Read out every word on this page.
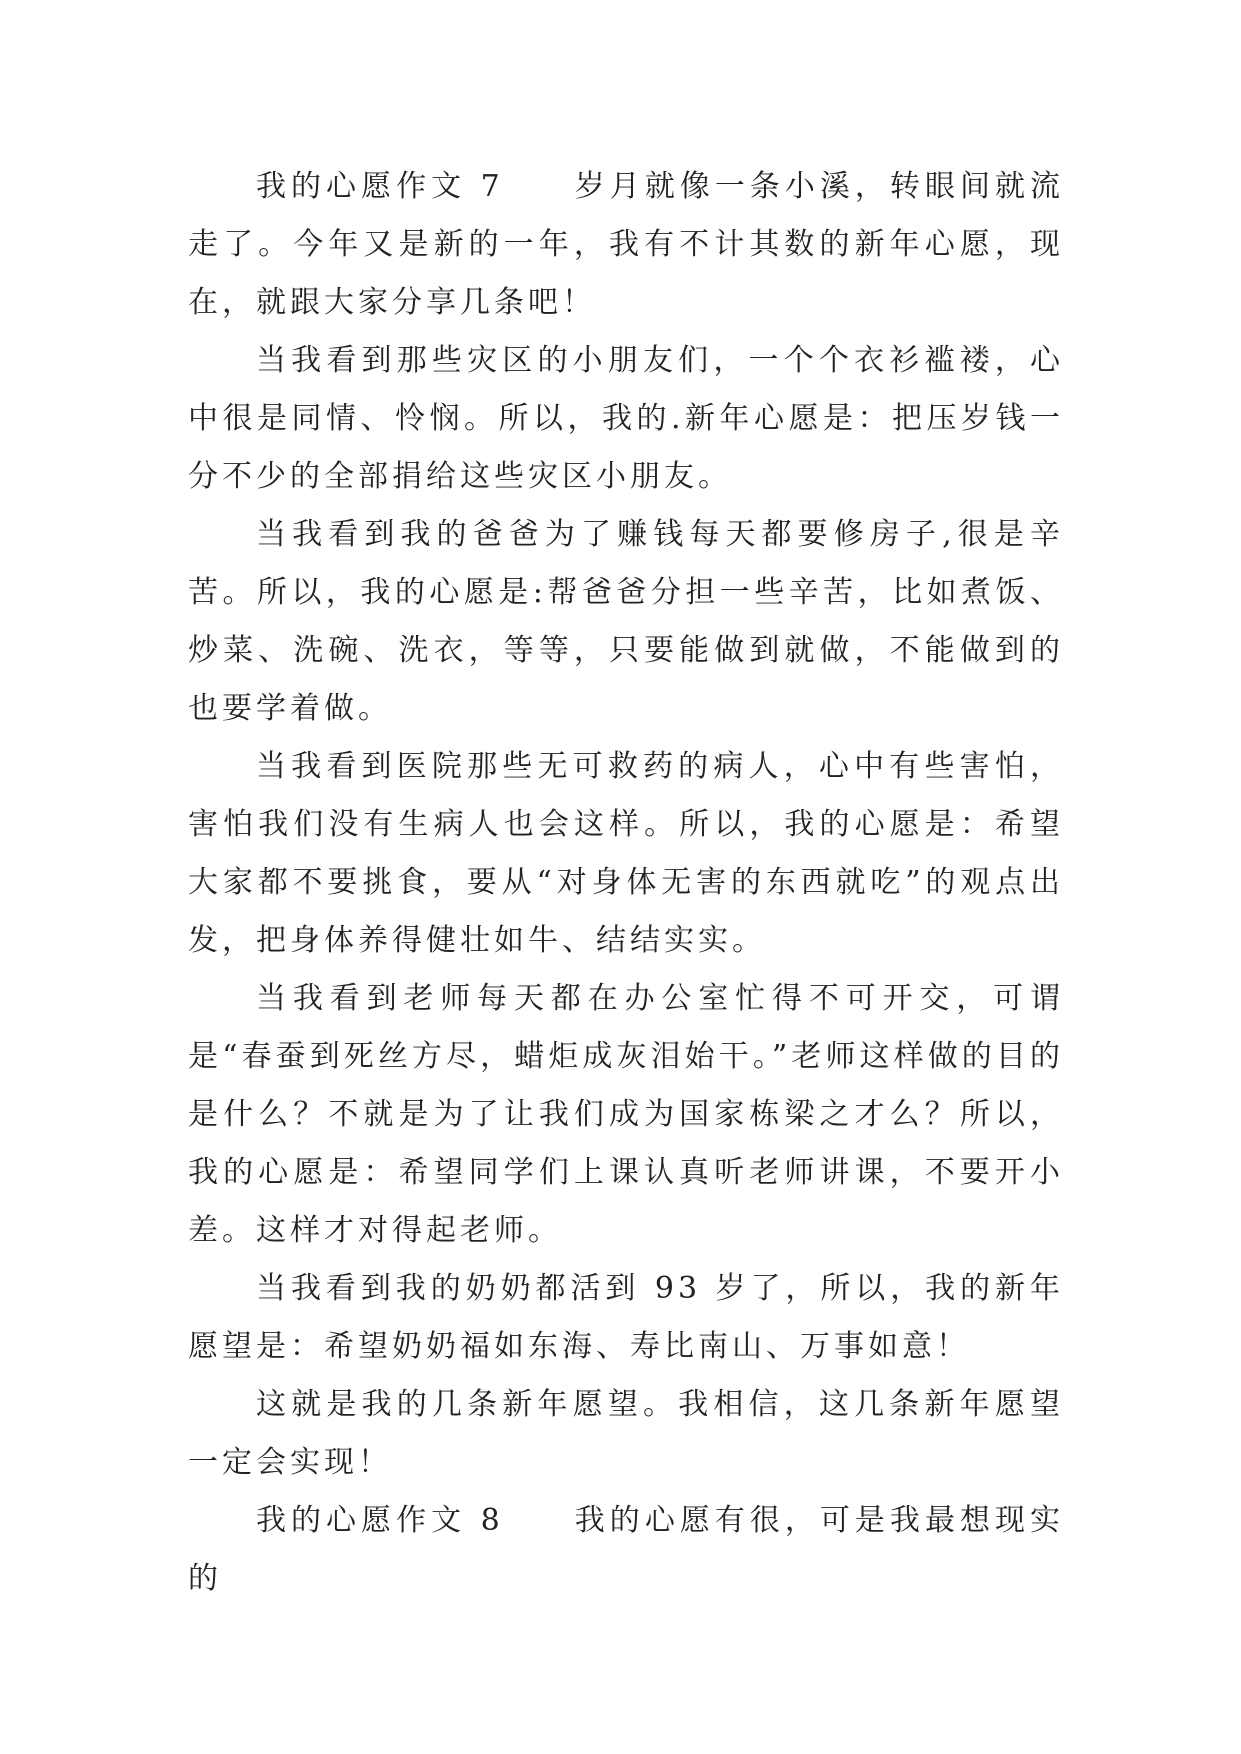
我的心愿作文 7　　岁月就像一条小溪，转眼间就流走了。今年又是新的一年，我有不计其数的新年心愿，现在，就跟大家分享几条吧！

当我看到那些灾区的小朋友们，一个个衣衫褴褛，心中很是同情、怜悯。所以，我的.新年心愿是：把压岁钱一分不少的全部捐给这些灾区小朋友。

当我看到我的爸爸为了赚钱每天都要修房子,很是辛苦。所以，我的心愿是:帮爸爸分担一些辛苦，比如煮饭、炒菜、洗碗、洗衣，等等，只要能做到就做，不能做到的也要学着做。

当我看到医院那些无可救药的病人，心中有些害怕，害怕我们没有生病人也会这样。所以，我的心愿是：希望大家都不要挑食，要从“对身体无害的东西就吃”的观点出发，把身体养得健壮如牛、结结实实。

当我看到老师每天都在办公室忙得不可开交，可谓是“春蚕到死丝方尽，蜡炬成灰泪始干。”老师这样做的目的是什么？不就是为了让我们成为国家栋梁之才么？所以，我的心愿是：希望同学们上课认真听老师讲课，不要开小差。这样才对得起老师。

当我看到我的奶奶都活到 93 岁了，所以，我的新年愿望是：希望奶奶福如东海、寿比南山、万事如意！

这就是我的几条新年愿望。我相信，这几条新年愿望一定会实现！

我的心愿作文 8　　我的心愿有很，可是我最想现实的
